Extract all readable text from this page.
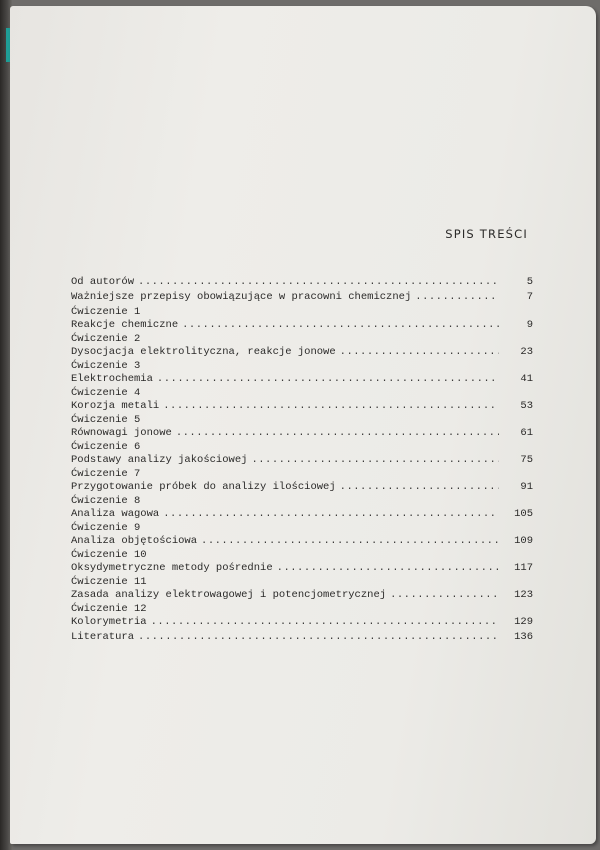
SPIS TREŚCI
Od autorów .....	5
Ważniejsze przepisy obowiązujące w pracowni chemicznej .....	7
Ćwiczenie 1
Reakcje chemiczne .....	9
Ćwiczenie 2
Dysocjacja elektrolityczna, reakcje jonowe .....	23
Ćwiczenie 3
Elektrochemia .....	41
Ćwiczenie 4
Korozja metali .....	53
Ćwiczenie 5
Równowagi jonowe .....	61
Ćwiczenie 6
Podstawy analizy jakościowej .....	75
Ćwiczenie 7
Przygotowanie próbek do analizy ilościowej .....	91
Ćwiczenie 8
Analiza wagowa .....	105
Ćwiczenie 9
Analiza objętościowa .....	109
Ćwiczenie 10
Oksydymetryczne metody pośrednie .....	117
Ćwiczenie 11
Zasada analizy elektrowagowej i potencjometrycznej .....	123
Ćwiczenie 12
Kolorymetria .....	129
Literatura .....	136
